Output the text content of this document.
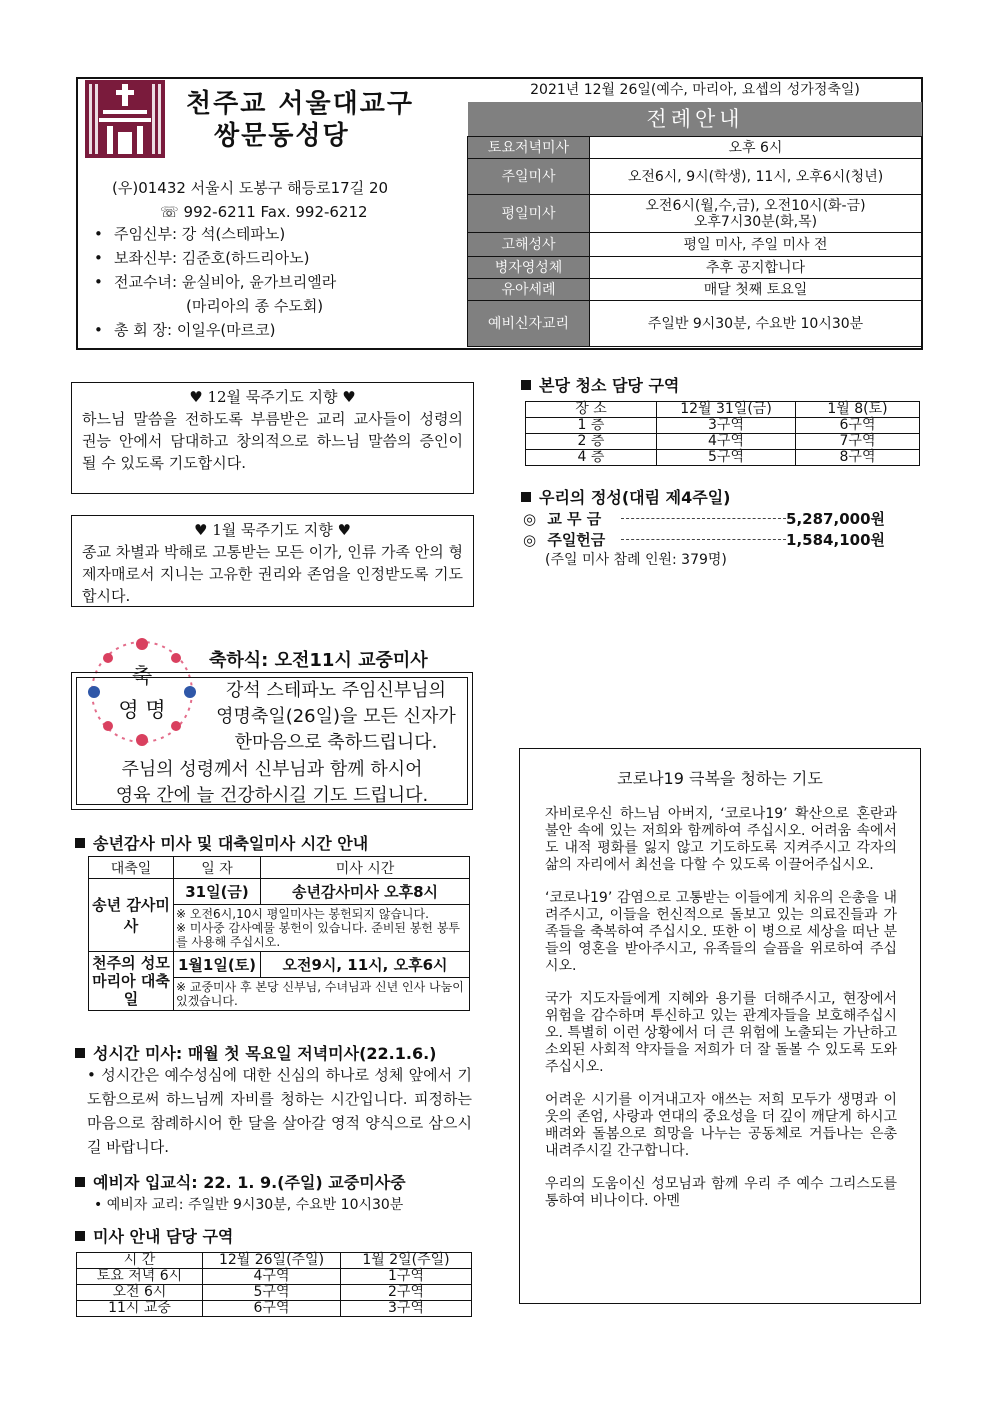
천주교 서울대교구
쌍문동성당
(우)01432 서울시 도봉구 해등로17길 20
☏ 992-6211 Fax. 992-6212
• 주임신부: 강 석(스테파노)
• 보좌신부: 김준호(하드리아노)
• 전교수녀: 윤실비아, 윤가브리엘라
(마리아의 종 수도회)
• 총 회 장: 이일우(마르코)
2021년 12월 26일(예수, 마리아, 요셉의 성가정축일)
전례안내
토요저녁미사	오후 6시
주일미사	오전6시, 9시(학생), 11시, 오후6시(청년)
평일미사	오전6시(월,수,금), 오전10시(화-금)
오후7시30분(화,목)

고해성사	평일 미사, 주일 미사 전
병자영성체	추후 공지합니다
유아세례	매달 첫째 토요일
예비신자교리	주일반 9시30분, 수요반 10시30분
♥ 12월 묵주기도 지향 ♥
하느님 말씀을 전하도록 부름받은 교리 교사들이 성령의 권능 안에서 담대하고 창의적으로 하느님 말씀의 증인이 될 수 있도록 기도합시다.
♥ 1월 묵주기도 지향 ♥
종교 차별과 박해로 고통받는 모든 이가, 인류 가족 안의 형제자매로서 지니는 고유한 권리와 존엄을 인정받도록 기도합시다.
본당 청소 담당 구역
장 소	12월 31일(금)	1월 8(토)
1 층	3구역	6구역
2 층	4구역	7구역
4 층	5구역	8구역
우리의 정성(대림 제4주일)
◎ 교 무 금	5,287,000원
◎ 주일헌금	1,584,100원
(주일 미사 참례 인원: 379명)
축
영 명
축하식: 오전11시 교중미사
강석 스테파노 주임신부님의
영명축일(26일)을 모든 신자가
한마음으로 축하드립니다.
주님의 성령께서 신부님과 함께 하시어
영육 간에 늘 건강하시길 기도 드립니다.
송년감사 미사 및 대축일미사 시간 안내
대축일	일 자	미사 시간
송년 감사미사	31일(금)	송년감사미사 오후8시

	※ 오전6시,10시 평일미사는 봉헌되지 않습니다.
※ 미사중 감사예물 봉헌이 있습니다. 준비된 봉헌 봉투를 사용해 주십시오.	

천주의 성모마리아 대축일	1월1일(토)	오전9시, 11시, 오후6시
	※ 교중미사 후 본당 신부님, 수녀님과 신년 인사 나눔이 있겠습니다.	
성시간 미사: 매월 첫 목요일 저녁미사(22.1.6.)
• 성시간은 예수성심에 대한 신심의 하나로 성체 앞에서 기도함으로써 하느님께 자비를 청하는 시간입니다. 피정하는 마음으로 참례하시어 한 달을 살아갈 영적 양식으로 삼으시길 바랍니다.
예비자 입교식: 22. 1. 9.(주일) 교중미사중
• 예비자 교리: 주일반 9시30분, 수요반 10시30분
미사 안내 담당 구역
시 간	12월 26일(주일)	1월 2일(주일)
토요 저녁 6시	4구역	1구역
오전 6시	5구역	2구역
11시 교중	6구역	3구역
코로나19 극복을 청하는 기도

자비로우신 하느님 아버지, ‘코로나19’ 확산으로 혼란과 불안 속에 있는 저희와 함께하여 주십시오. 어려움 속에서도 내적 평화를 잃지 않고 기도하도록 지켜주시고 각자의 삶의 자리에서 최선을 다할 수 있도록 이끌어주십시오.

‘코로나19’ 감염으로 고통받는 이들에게 치유의 은총을 내려주시고, 이들을 헌신적으로 돌보고 있는 의료진들과 가족들을 축복하여 주십시오. 또한 이 병으로 세상을 떠난 분들의 영혼을 받아주시고, 유족들의 슬픔을 위로하여 주십시오.

국가 지도자들에게 지혜와 용기를 더해주시고, 현장에서 위험을 감수하며 투신하고 있는 관계자들을 보호해주십시오. 특별히 이런 상황에서 더 큰 위험에 노출되는 가난하고 소외된 사회적 약자들을 저희가 더 잘 돌볼 수 있도록 도와주십시오.

어려운 시기를 이겨내고자 애쓰는 저희 모두가 생명과 이웃의 존엄, 사랑과 연대의 중요성을 더 깊이 깨닫게 하시고 배려와 돌봄으로 희망을 나누는 공동체로 거듭나는 은총 내려주시길 간구합니다.

우리의 도움이신 성모님과 함께 우리 주 예수 그리스도를 통하여 비나이다. 아멘
